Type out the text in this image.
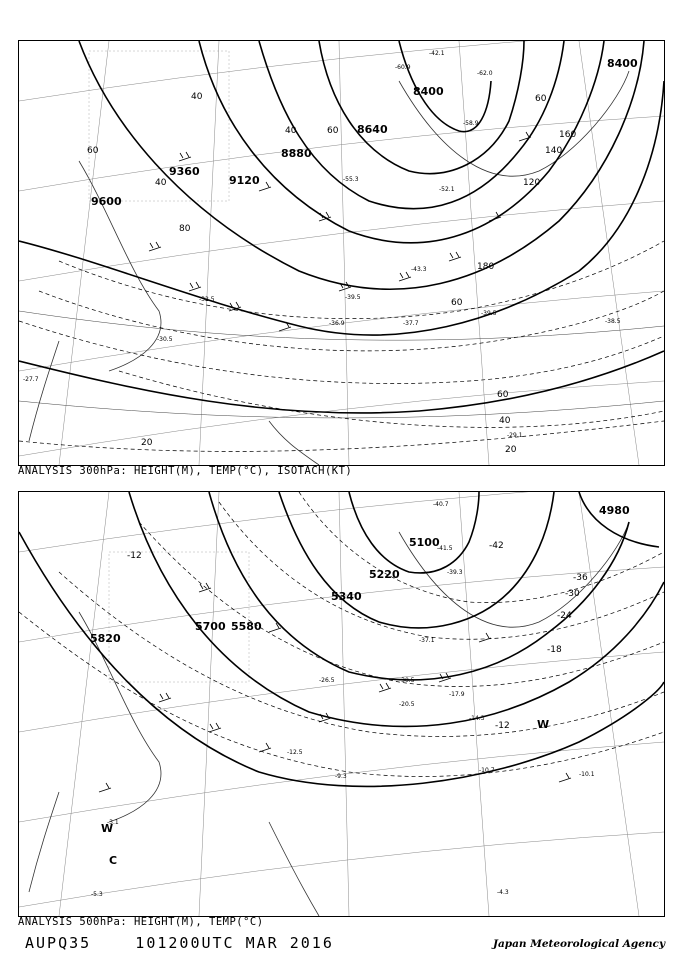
9600
9360
9120
8880
8640
8400
8400
20
40
40
40
60
60
60
60
80
120
140
160
180
20
40
60
-29.1
-30.5
-32.5
-36.9	-37.7
-39.5
-42.1
-43.3
-52.1
-55.3
-58.9
-60.9
-62.0
-38.5
-39.5
-27.7
ANALYSIS 300hPa: HEIGHT(M), TEMP(°C), ISOTACH(KT)
5820
5700 5580
5340
5220
5100
4980
-12
-12
-18
-24
-30
-36
-42
C
W
W
-10.1
-10.7
-14.3
-4.3
-3.1
-5.3
-9.3
-12.5
-17.9
-20.5
-26.5	-30.5
-37.1
-39.3
-40.7
-41.5
ANALYSIS 500hPa: HEIGHT(M), TEMP(°C)
AUPQ35    101200UTC MAR 2016	Japan Meteorological Agency
